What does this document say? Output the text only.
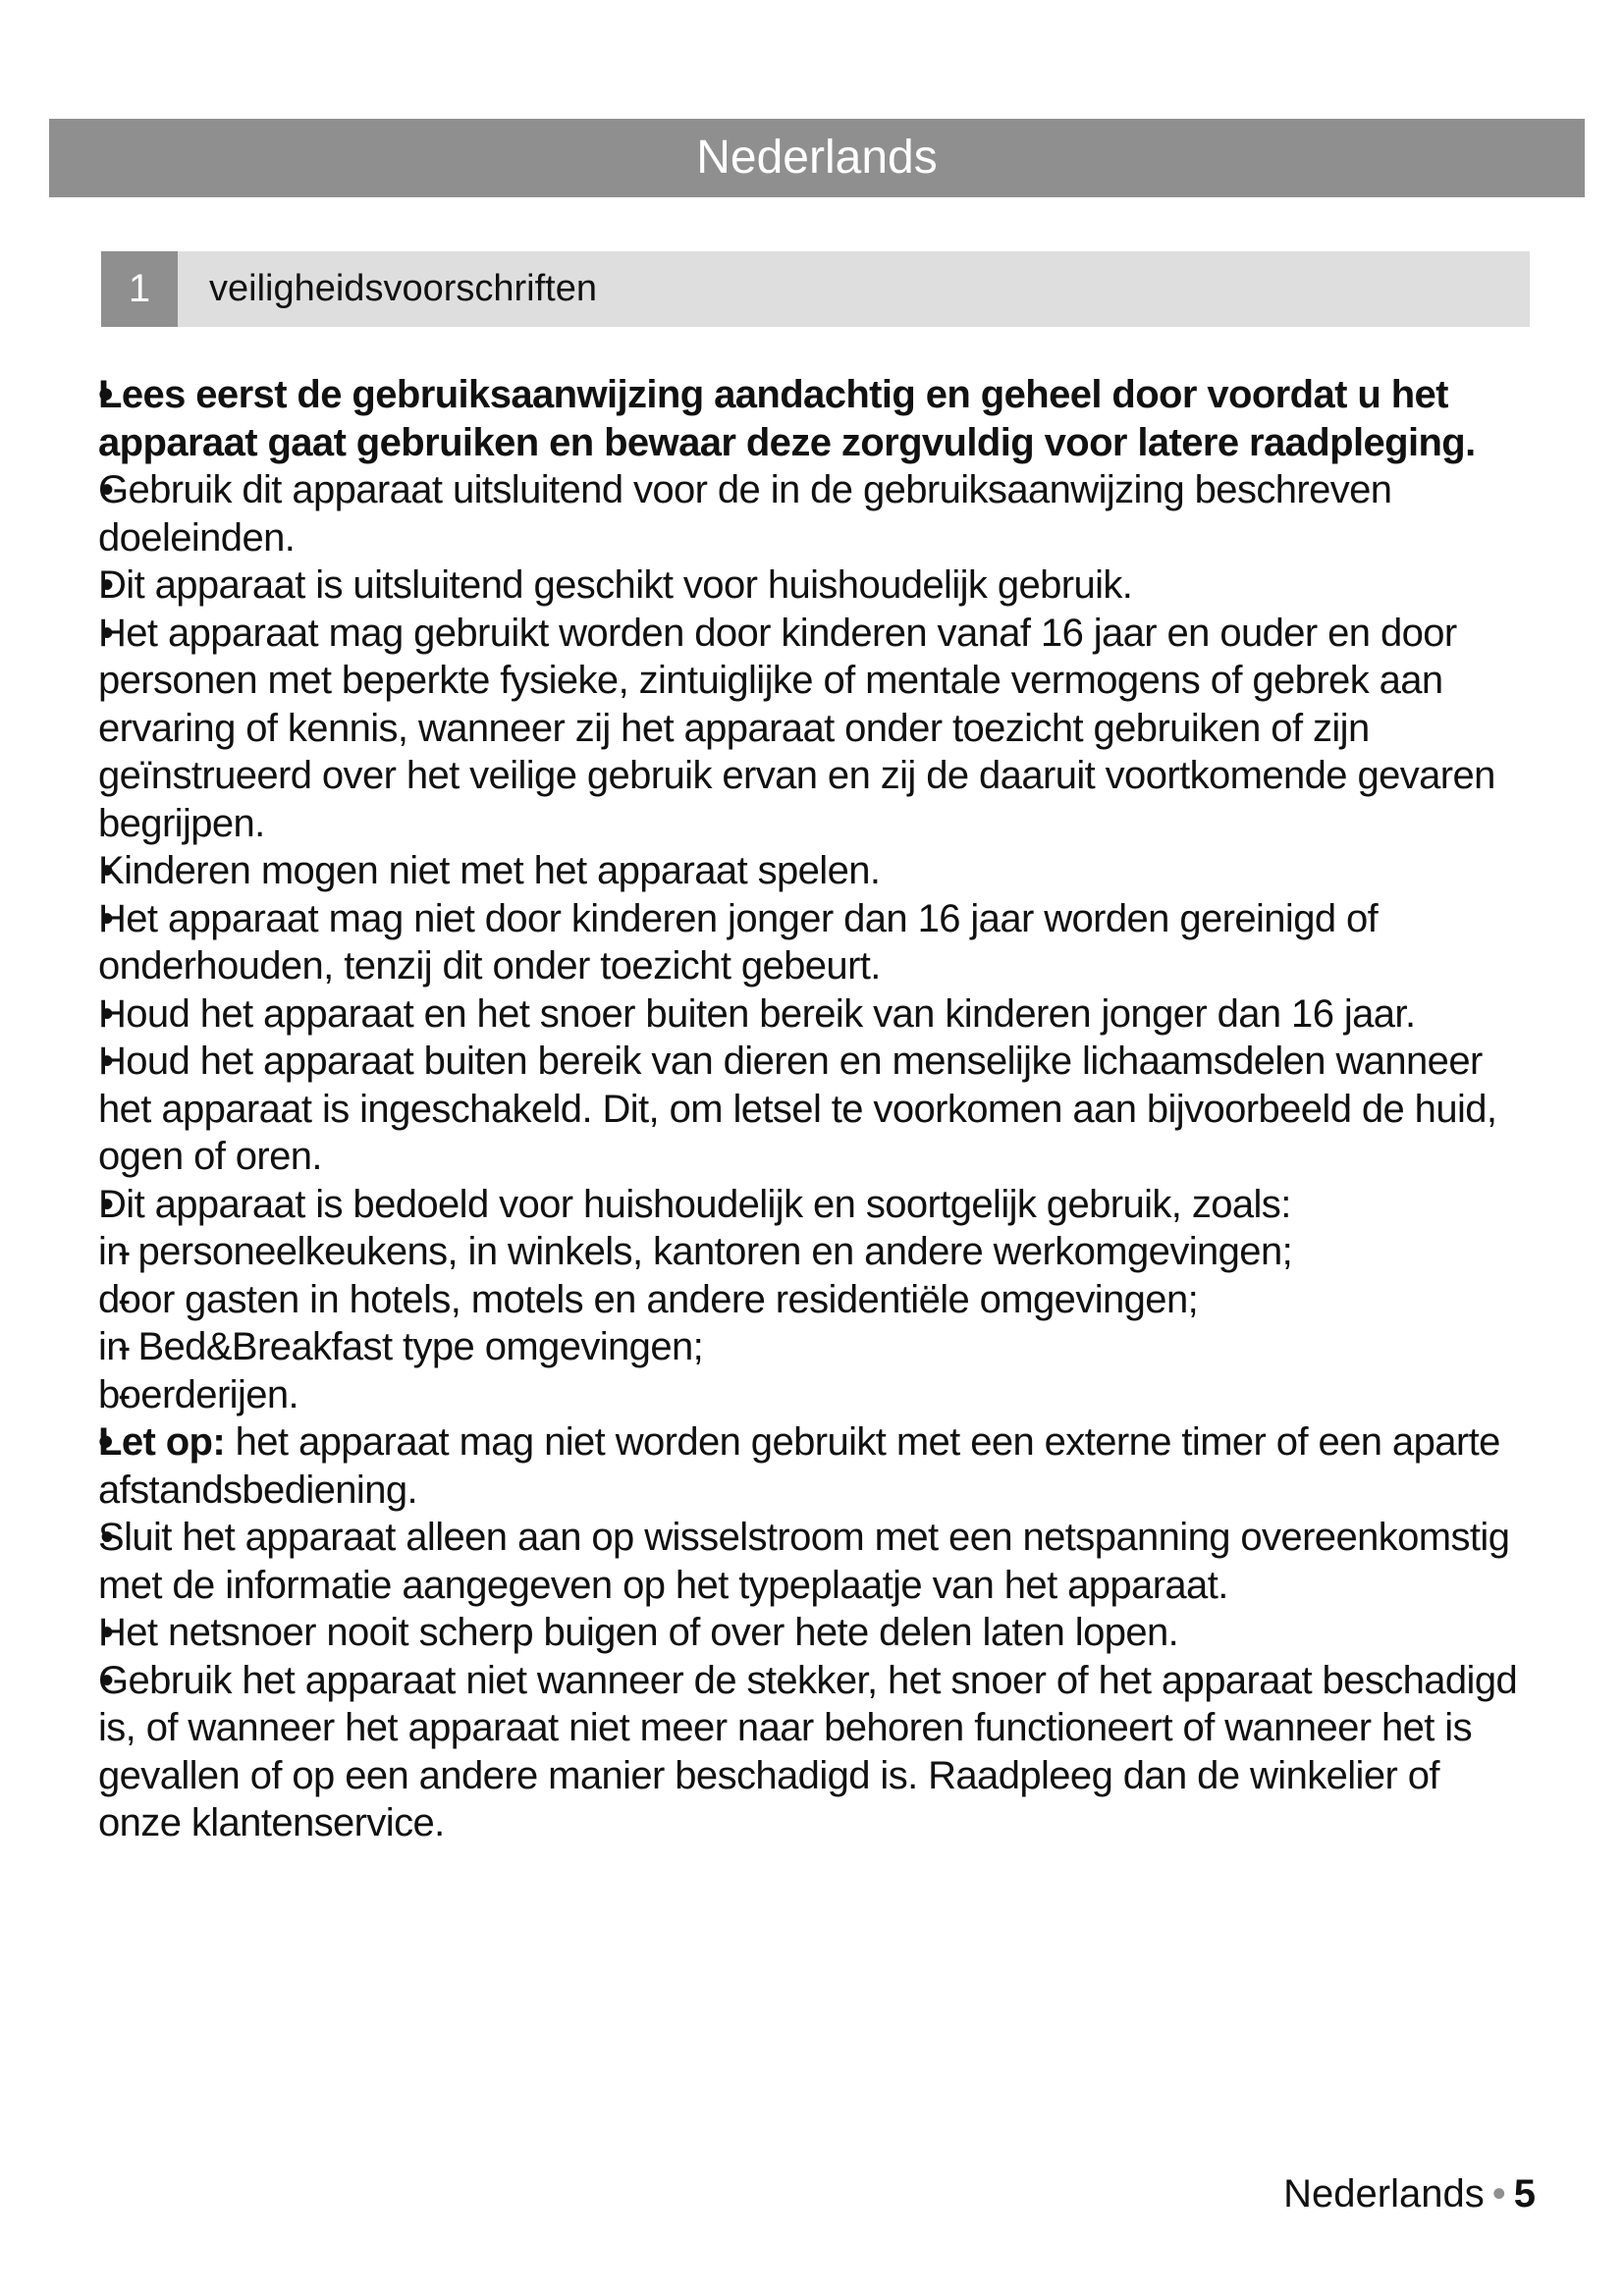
Nederlands
1	veiligheidsvoorschriften
• Lees eerst de gebruiksaanwijzing aandachtig en geheel door voordat u het apparaat gaat gebruiken en bewaar deze zorgvuldig voor latere raadpleging.
• Gebruik dit apparaat uitsluitend voor de in de gebruiksaanwijzing beschreven doeleinden.
• Dit apparaat is uitsluitend geschikt voor huishoudelijk gebruik.
• Het apparaat mag gebruikt worden door kinderen vanaf 16 jaar en ouder en door personen met beperkte fysieke, zintuiglijke of mentale vermogens of gebrek aan ervaring of kennis, wanneer zij het apparaat onder toezicht gebruiken of zijn geïnstrueerd over het veilige gebruik ervan en zij de daaruit voortkomende gevaren begrijpen.
• Kinderen mogen niet met het apparaat spelen.
• Het apparaat mag niet door kinderen jonger dan 16 jaar worden gereinigd of onderhouden, tenzij dit onder toezicht gebeurt.
• Houd het apparaat en het snoer buiten bereik van kinderen jonger dan 16 jaar.
• Houd het apparaat buiten bereik van dieren en menselijke lichaamsdelen wanneer het apparaat is ingeschakeld. Dit, om letsel te voorkomen aan bijvoorbeeld de huid, ogen of oren.
• Dit apparaat is bedoeld voor huishoudelijk en soortgelijk gebruik, zoals:
- in personeelkeukens, in winkels, kantoren en andere werkomgevingen;
- door gasten in hotels, motels en andere residentiële omgevingen;
- in Bed&Breakfast type omgevingen;
- boerderijen.
• Let op: het apparaat mag niet worden gebruikt met een externe timer of een aparte afstandsbediening.
• Sluit het apparaat alleen aan op wisselstroom met een netspanning overeenkomstig met de informatie aangegeven op het typeplaatje van het apparaat.
• Het netsnoer nooit scherp buigen of over hete delen laten lopen.
• Gebruik het apparaat niet wanneer de stekker, het snoer of het apparaat beschadigd is, of wanneer het apparaat niet meer naar behoren functioneert of wanneer het is gevallen of op een andere manier beschadigd is. Raadpleeg dan de winkelier of onze klantenservice.
Nederlands • 5
